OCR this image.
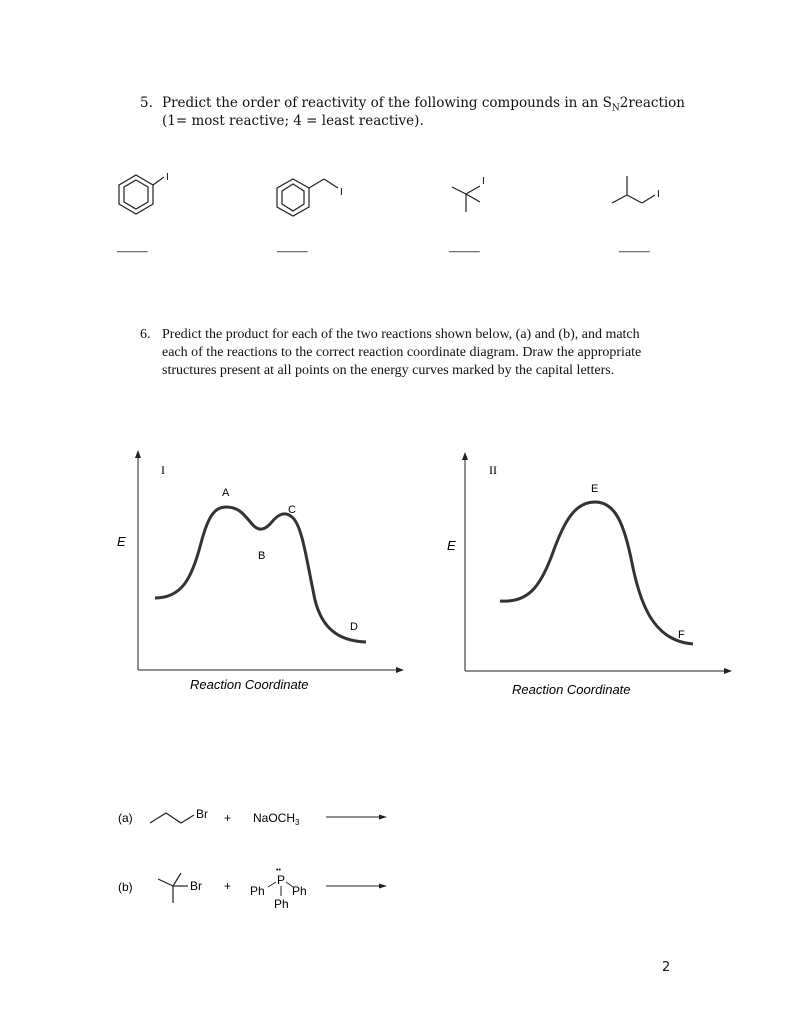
5. Predict the order of reactivity of the following compounds in an $S_N2reaction$
(1= most reactive; 4 = least reactive).
I
_____
I
_____
I
_____
I
_____
6. Predict the product for each of the two reactions shown below, (a) and (b), and match
each of the reactions to the correct reaction coordinate diagram. Draw the appropriate
structures present at all points on the energy curves marked by the capital letters.
I
E
Reaction Coordinate
A
B
C
D
II
E
Reaction Coordinate
E
F
(a)	Br + NaOCH$_3$
(b)	Br +
••
P
Ph Ph
Ph
2
